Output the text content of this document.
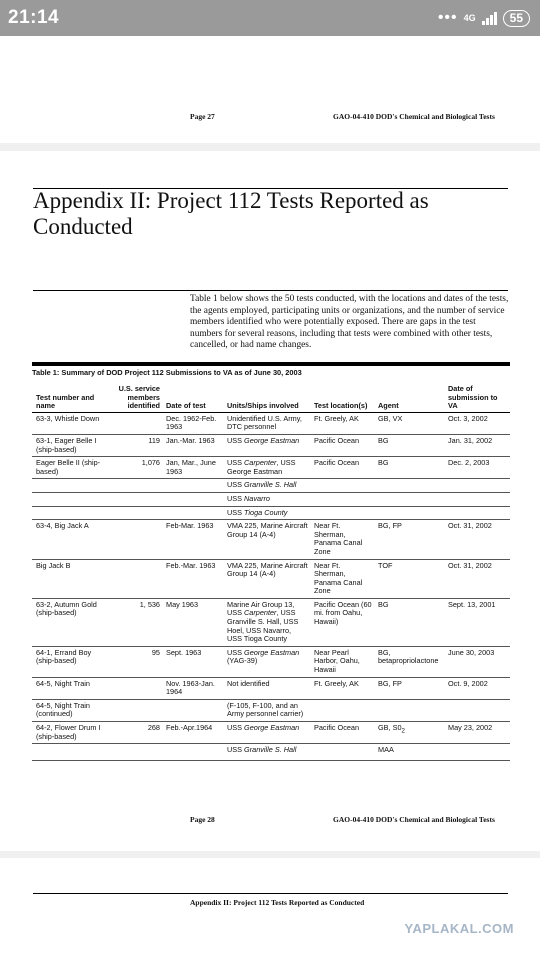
21:14	••• 4G	55
Page 27	GAO-04-410 DOD's Chemical and Biological Tests
Appendix II: Project 112 Tests Reported as Conducted

Table 1 below shows the 50 tests conducted, with the locations and dates of the tests, the agents employed, participating units or organizations, and the number of service members identified who were potentially exposed. There are gaps in the test numbers for several reasons, including that tests were combined with other tests, cancelled, or had name changes.

Table 1: Summary of DOD Project 112 Submissions to VA as of June 30, 2003
Test number and name	U.S. service members identified	Date of test	Units/Ships involved	Test location(s)	Agent	Date of submission to VA
63-3, Whistle Down		Dec. 1962-Feb. 1963	Unidentified U.S. Army, DTC personnel	Ft. Greely, AK	GB, VX	Oct. 3, 2002
63-1, Eager Belle I (ship-based)	119	Jan.-Mar. 1963	USS George Eastman	Pacific Ocean	BG	Jan. 31, 2002
Eager Belle II (ship-based)	1,076	Jan, Mar., June 1963	USS Carpenter, USS George Eastman	Pacific Ocean	BG	Dec. 2, 2003
			USS Granville S. Hall			
			USS Navarro			
			USS Tioga County			
63-4, Big Jack A		Feb-Mar. 1963	VMA 225, Marine Aircraft Group 14 (A-4)	Near Ft. Sherman, Panama Canal Zone	BG, FP	Oct. 31, 2002
Big Jack B		Feb.-Mar. 1963	VMA 225, Marine Aircraft Group 14 (A-4)	Near Ft. Sherman, Panama Canal Zone	TOF	Oct. 31, 2002
63-2, Autumn Gold (ship-based)	1, 536	May 1963	Marine Air Group 13, USS Carpenter, USS Granville S. Hall, USS Hoel, USS Navarro, USS Tioga County	Pacific Ocean (60 mi. from Oahu, Hawaii)	BG	Sept. 13, 2001
64-1, Errand Boy (ship-based)	95	Sept. 1963	USS George Eastman (YAG-39)	Near Pearl Harbor, Oahu, Hawaii	BG, betapropriolactone	June 30, 2003
64-5, Night Train		Nov. 1963-Jan. 1964	Not identified	Ft. Greely, AK	BG, FP	Oct. 9, 2002
64-5, Night Train (continued)			(F-105, F-100, and an Army personnel carrier)			
64-2, Flower Drum I (ship-based)	268	Feb.-Apr.1964	USS George Eastman	Pacific Ocean	GB, $S0_2$	May 23, 2002
			USS Granville S. Hall		MAA	
Page 28	GAO-04-410 DOD's Chemical and Biological Tests
Appendix II: Project 112 Tests Reported as Conducted
YAPLAKAL.COM
